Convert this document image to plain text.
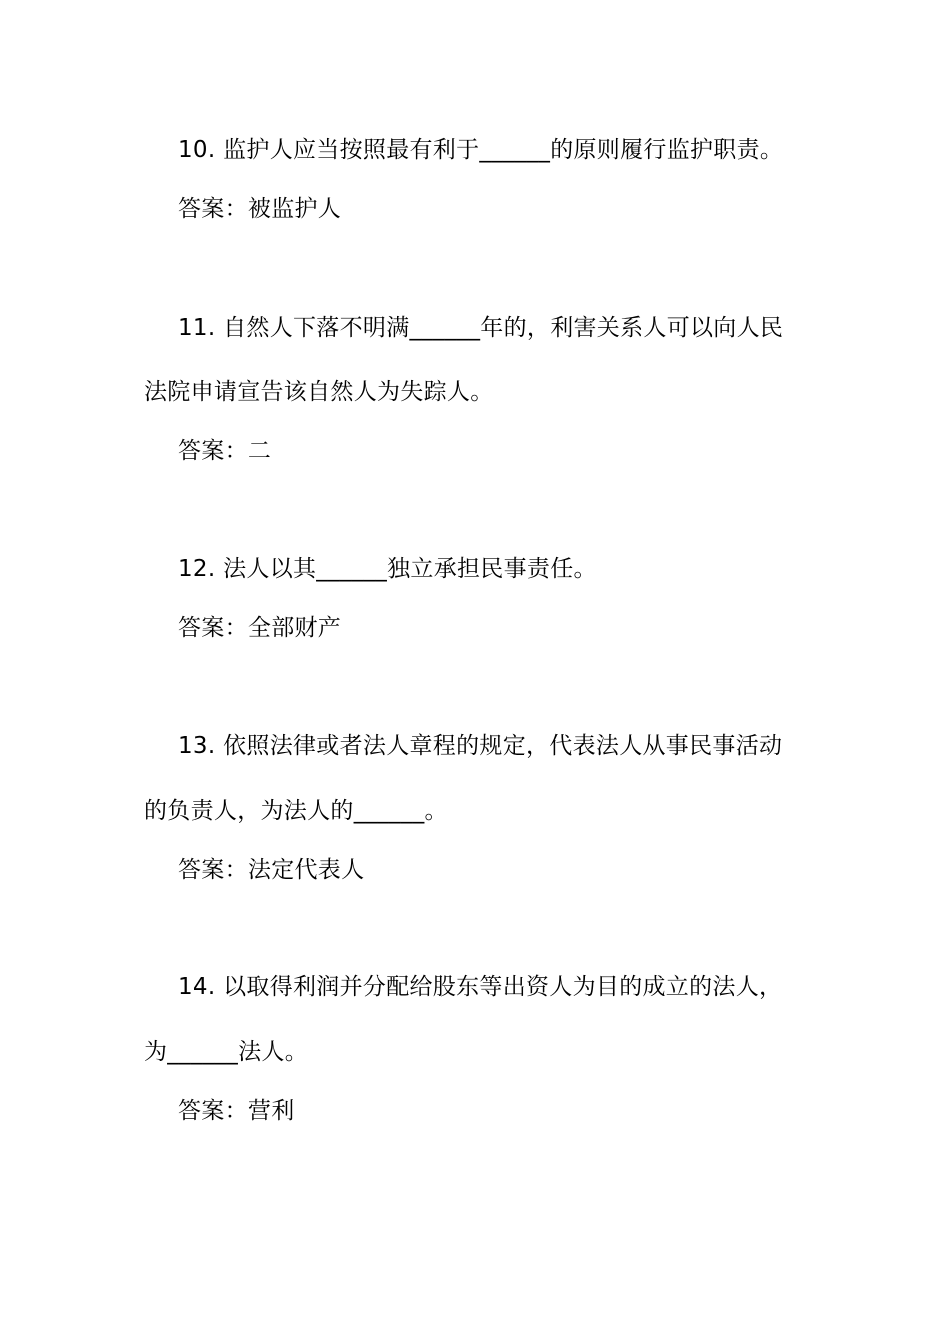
10. 监护人应当按照最有利于______的原则履行监护职责。
答案：被监护人
11. 自然人下落不明满______年的，利害关系人可以向人民
法院申请宣告该自然人为失踪人。
答案：二
12. 法人以其______独立承担民事责任。
答案：全部财产
13. 依照法律或者法人章程的规定，代表法人从事民事活动
的负责人，为法人的______。
答案：法定代表人
14. 以取得利润并分配给股东等出资人为目的成立的法人，
为______法人。
答案：营利
